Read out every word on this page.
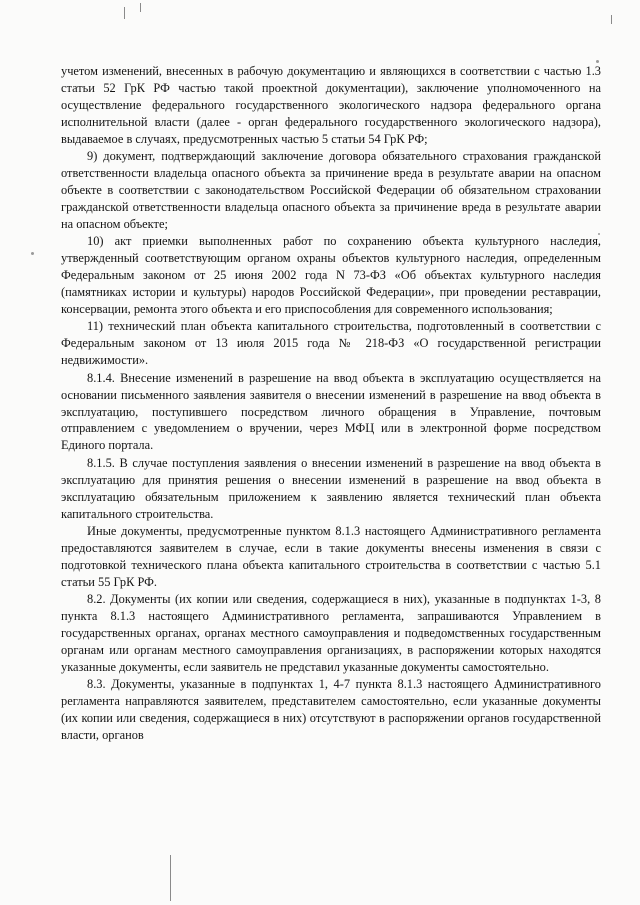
учетом изменений, внесенных в рабочую документацию и являющихся в соответствии с частью 1.3 статьи 52 ГрК РФ частью такой проектной документации), заключение уполномоченного на осуществление федерального государственного экологического надзора федерального органа исполнительной власти (далее - орган федерального государственного экологического надзора), выдаваемое в случаях, предусмотренных частью 5 статьи 54 ГрК РФ;

9) документ, подтверждающий заключение договора обязательного страхования гражданской ответственности владельца опасного объекта за причинение вреда в результате аварии на опасном объекте в соответствии с законодательством Российской Федерации об обязательном страховании гражданской ответственности владельца опасного объекта за причинение вреда в результате аварии на опасном объекте;

10) акт приемки выполненных работ по сохранению объекта культурного наследия, утвержденный соответствующим органом охраны объектов культурного наследия, определенным Федеральным законом от 25 июня 2002 года N 73-ФЗ «Об объектах культурного наследия (памятниках истории и культуры) народов Российской Федерации», при проведении реставрации, консервации, ремонта этого объекта и его приспособления для современного использования;

11) технический план объекта капитального строительства, подготовленный в соответствии с Федеральным законом от 13 июля 2015 года № 218-ФЗ «О государственной регистрации недвижимости».

8.1.4. Внесение изменений в разрешение на ввод объекта в эксплуатацию осуществляется на основании письменного заявления заявителя о внесении изменений в разрешение на ввод объекта в эксплуатацию, поступившего посредством личного обращения в Управление, почтовым отправлением с уведомлением о вручении, через МФЦ или в электронной форме посредством Единого портала.

8.1.5. В случае поступления заявления о внесении изменений в разрешение на ввод объекта в эксплуатацию для принятия решения о внесении изменений в разрешение на ввод объекта в эксплуатацию обязательным приложением к заявлению является технический план объекта капитального строительства.

Иные документы, предусмотренные пунктом 8.1.3 настоящего Административного регламента предоставляются заявителем в случае, если в такие документы внесены изменения в связи с подготовкой технического плана объекта капитального строительства в соответствии с частью 5.1 статьи 55 ГрК РФ.

8.2. Документы (их копии или сведения, содержащиеся в них), указанные в подпунктах 1-3, 8 пункта 8.1.3 настоящего Административного регламента, запрашиваются Управлением в государственных органах, органах местного самоуправления и подведомственных государственным органам или органам местного самоуправления организациях, в распоряжении которых находятся указанные документы, если заявитель не представил указанные документы самостоятельно.

8.3. Документы, указанные в подпунктах 1, 4-7 пункта 8.1.3 настоящего Административного регламента направляются заявителем, представителем самостоятельно, если указанные документы (их копии или сведения, содержащиеся в них) отсутствуют в распоряжении органов государственной власти, органов
